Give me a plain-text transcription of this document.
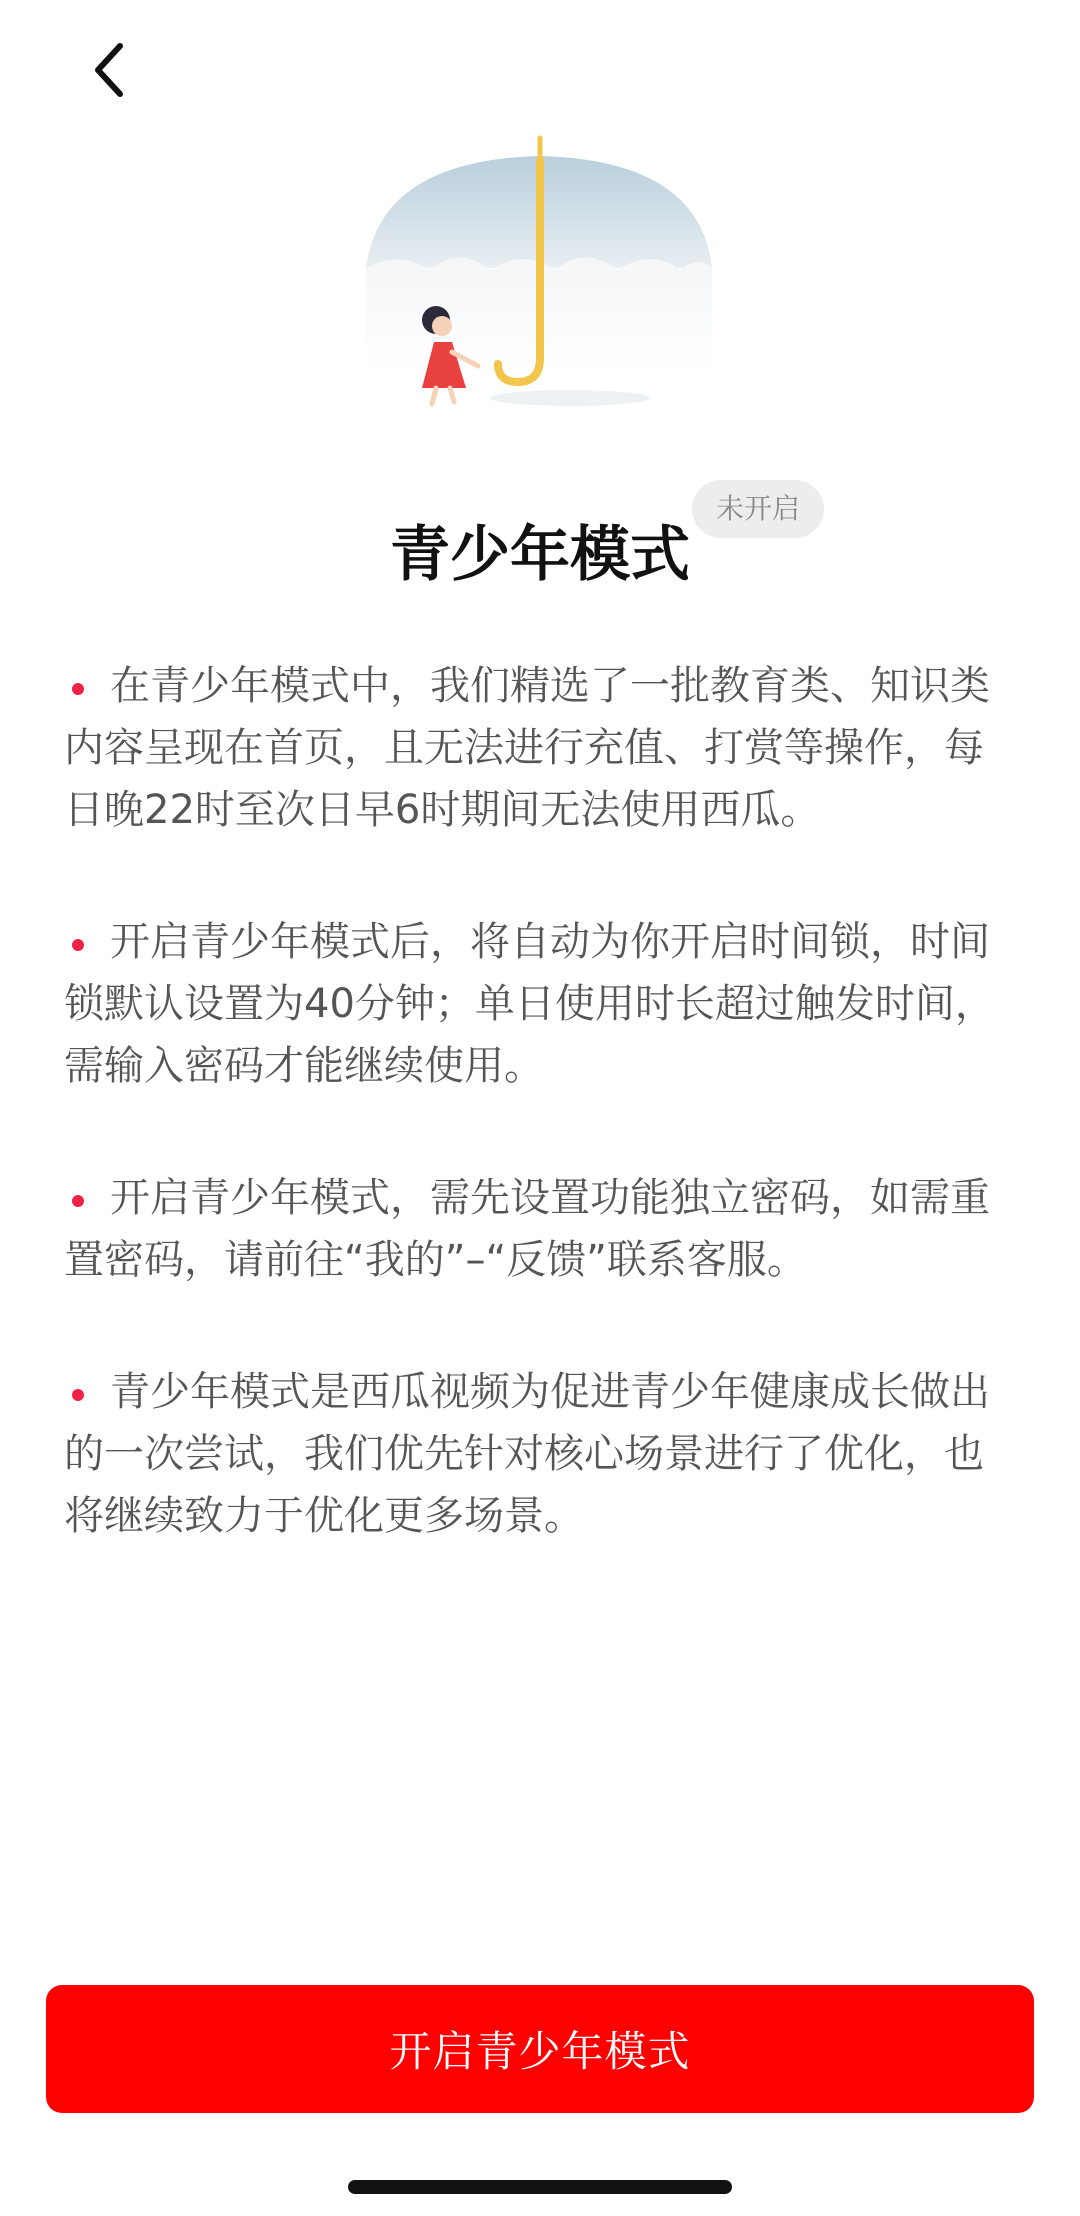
青少年模式
未开启
在青少年模式中，我们精选了一批教育类、知识类内容呈现在首页，且无法进行充值、打赏等操作，每日晚22时至次日早6时期间无法使用西瓜。
开启青少年模式后，将自动为你开启时间锁，时间锁默认设置为40分钟；单日使用时长超过触发时间，需输入密码才能继续使用。
开启青少年模式，需先设置功能独立密码，如需重置密码，请前往“我的”–“反馈”联系客服。
青少年模式是西瓜视频为促进青少年健康成长做出的一次尝试，我们优先针对核心场景进行了优化，也将继续致力于优化更多场景。
开启青少年模式
